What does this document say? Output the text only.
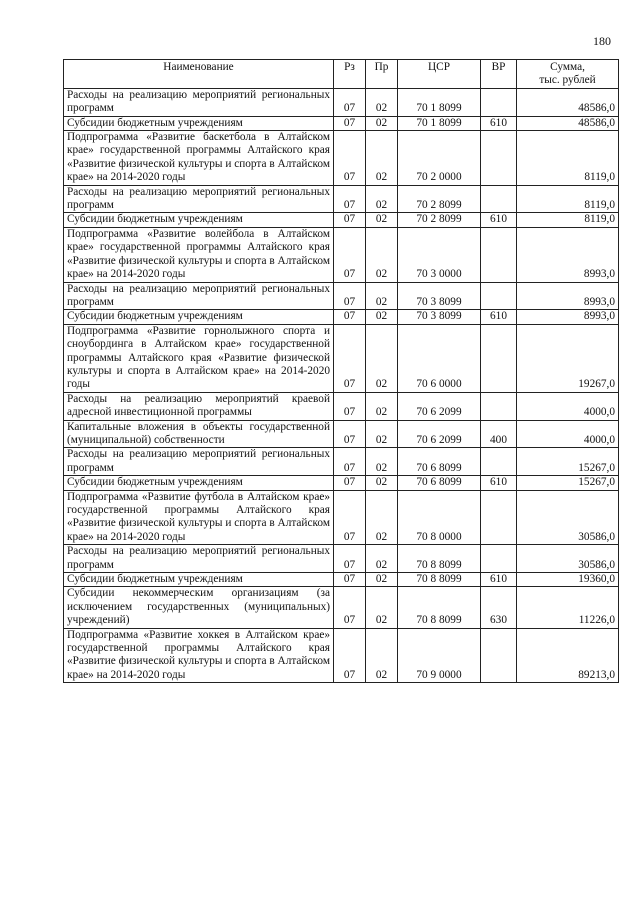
180
Наименование	Рз	Пр	ЦСР	ВР	Сумма,
тыс. рублей

Расходы на реализацию мероприятий региональных программ	07	02	70 1 8099		48586,0
Субсидии бюджетным учреждениям	07	02	70 1 8099	610	48586,0
Подпрограмма «Развитие баскетбола в Алтайском крае» государственной программы Алтайского края «Развитие физической культуры и спорта в Алтайском крае» на 2014-2020 годы	07	02	70 2 0000		8119,0
Расходы на реализацию мероприятий региональных программ	07	02	70 2 8099		8119,0
Субсидии бюджетным учреждениям	07	02	70 2 8099	610	8119,0
Подпрограмма «Развитие волейбола в Алтайском крае» государственной программы Алтайского края «Развитие физической культуры и спорта в Алтайском крае» на 2014-2020 годы	07	02	70 3 0000		8993,0
Расходы на реализацию мероприятий региональных программ	07	02	70 3 8099		8993,0
Субсидии бюджетным учреждениям	07	02	70 3 8099	610	8993,0
Подпрограмма «Развитие горнолыжного спорта и сноубординга в Алтайском крае» государственной программы Алтайского края «Развитие физической культуры и спорта в Алтайском крае» на 2014-2020 годы	07	02	70 6 0000		19267,0
Расходы на реализацию мероприятий краевой адресной инвестиционной программы	07	02	70 6 2099		4000,0
Капитальные вложения в объекты государственной (муниципальной) собственности	07	02	70 6 2099	400	4000,0
Расходы на реализацию мероприятий региональных программ	07	02	70 6 8099		15267,0
Субсидии бюджетным учреждениям	07	02	70 6 8099	610	15267,0
Подпрограмма «Развитие футбола в Алтайском крае» государственной программы Алтайского края «Развитие физической культуры и спорта в Алтайском крае» на 2014-2020 годы	07	02	70 8 0000		30586,0
Расходы на реализацию мероприятий региональных программ	07	02	70 8 8099		30586,0
Субсидии бюджетным учреждениям	07	02	70 8 8099	610	19360,0
Субсидии некоммерческим организациям (за исключением государственных (муниципальных) учреждений)	07	02	70 8 8099	630	11226,0
Подпрограмма «Развитие хоккея в Алтайском крае» государственной программы Алтайского края «Развитие физической культуры и спорта в Алтайском крае» на 2014-2020 годы	07	02	70 9 0000		89213,0
